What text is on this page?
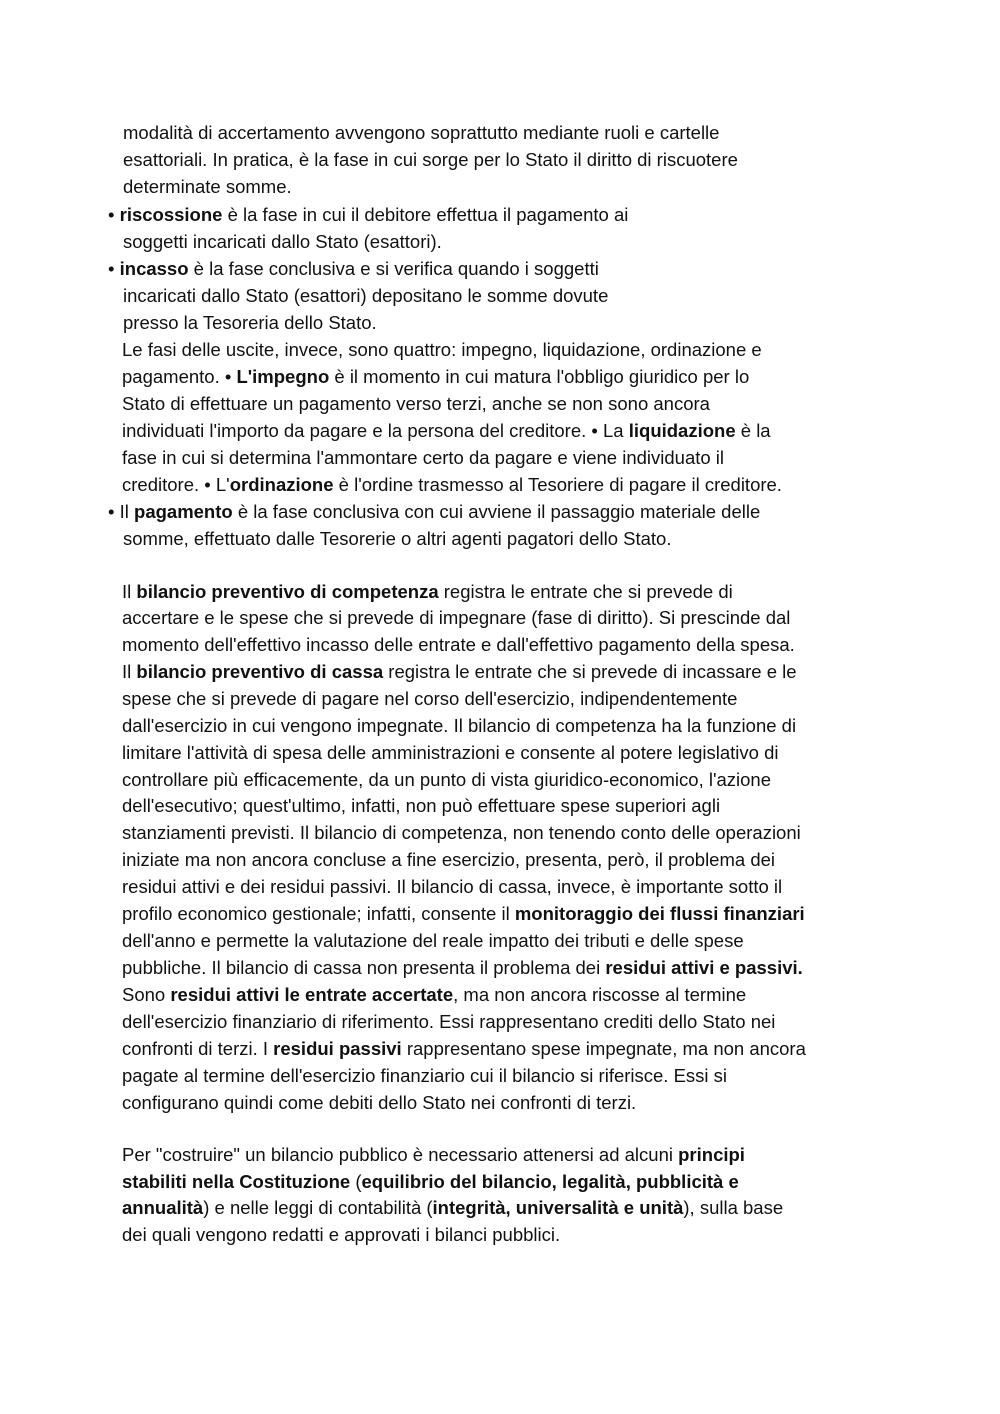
modalità di accertamento avvengono soprattutto mediante ruoli e cartelle
esattoriali. In pratica, è la fase in cui sorge per lo Stato il diritto di riscuotere
determinate somme.
• riscossione è la fase in cui il debitore effettua il pagamento ai
soggetti incaricati dallo Stato (esattori).
• incasso è la fase conclusiva e si verifica quando i soggetti
incaricati dallo Stato (esattori) depositano le somme dovute
presso la Tesoreria dello Stato.
Le fasi delle uscite, invece, sono quattro: impegno, liquidazione, ordinazione e
pagamento. • L'impegno è il momento in cui matura l'obbligo giuridico per lo
Stato di effettuare un pagamento verso terzi, anche se non sono ancora
individuati l'importo da pagare e la persona del creditore. • La liquidazione è la
fase in cui si determina l'ammontare certo da pagare e viene individuato il
creditore. • L'ordinazione è l'ordine trasmesso al Tesoriere di pagare il creditore.
• Il pagamento è la fase conclusiva con cui avviene il passaggio materiale delle
somme, effettuato dalle Tesorerie o altri agenti pagatori dello Stato.
Il bilancio preventivo di competenza registra le entrate che si prevede di
accertare e le spese che si prevede di impegnare (fase di diritto). Si prescinde dal
momento dell'effettivo incasso delle entrate e dall'effettivo pagamento della spesa.
Il bilancio preventivo di cassa registra le entrate che si prevede di incassare e le
spese che si prevede di pagare nel corso dell'esercizio, indipendentemente
dall'esercizio in cui vengono impegnate. Il bilancio di competenza ha la funzione di
limitare l'attività di spesa delle amministrazioni e consente al potere legislativo di
controllare più efficacemente, da un punto di vista giuridico-economico, l'azione
dell'esecutivo; quest'ultimo, infatti, non può effettuare spese superiori agli
stanziamenti previsti. Il bilancio di competenza, non tenendo conto delle operazioni
iniziate ma non ancora concluse a fine esercizio, presenta, però, il problema dei
residui attivi e dei residui passivi. Il bilancio di cassa, invece, è importante sotto il
profilo economico gestionale; infatti, consente il monitoraggio dei flussi finanziari
dell'anno e permette la valutazione del reale impatto dei tributi e delle spese
pubbliche. Il bilancio di cassa non presenta il problema dei residui attivi e passivi.
Sono residui attivi le entrate accertate, ma non ancora riscosse al termine
dell'esercizio finanziario di riferimento. Essi rappresentano crediti dello Stato nei
confronti di terzi. I residui passivi rappresentano spese impegnate, ma non ancora
pagate al termine dell'esercizio finanziario cui il bilancio si riferisce. Essi si
configurano quindi come debiti dello Stato nei confronti di terzi.
Per "costruire" un bilancio pubblico è necessario attenersi ad alcuni principi
stabiliti nella Costituzione (equilibrio del bilancio, legalità, pubblicità e
annualità) e nelle leggi di contabilità (integrità, universalità e unità), sulla base
dei quali vengono redatti e approvati i bilanci pubblici.
